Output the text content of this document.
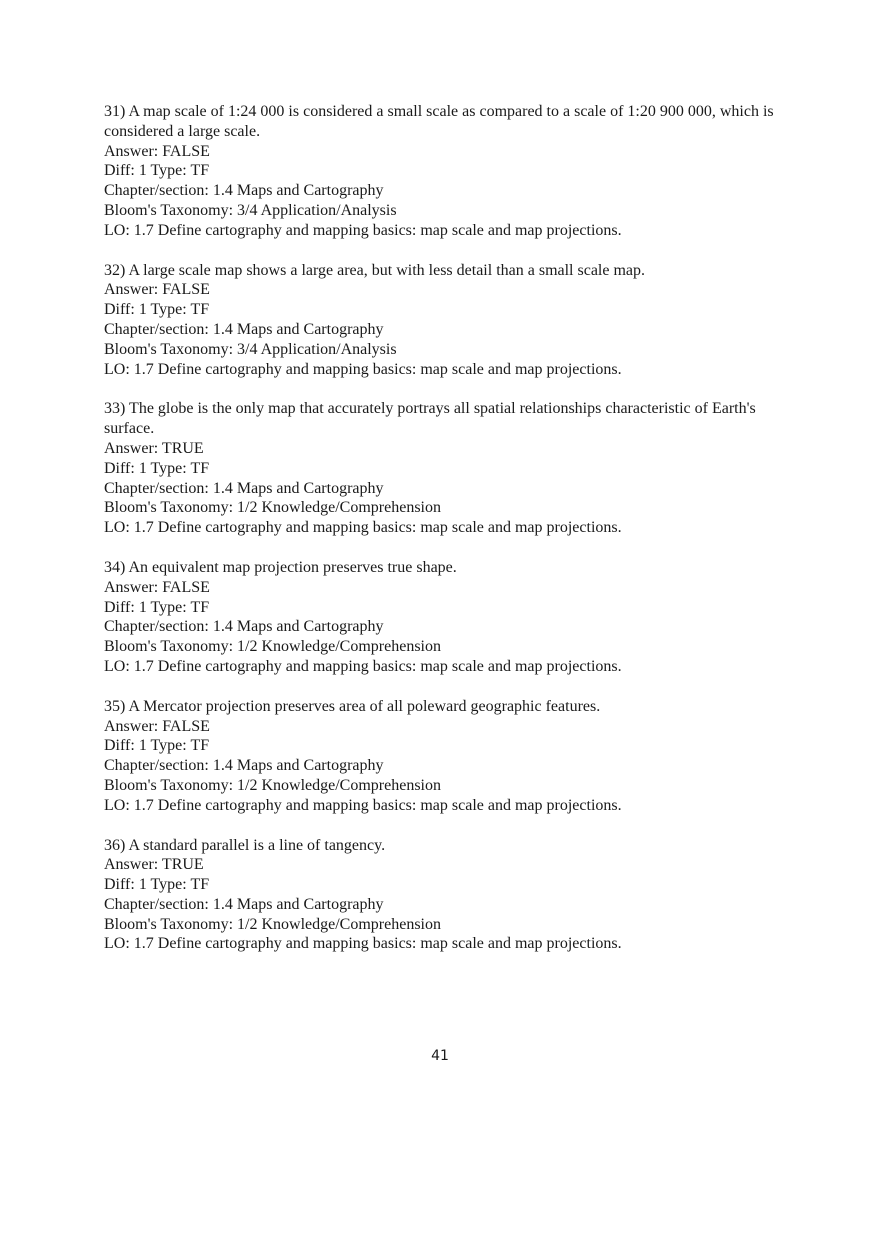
31) A map scale of 1:24 000 is considered a small scale as compared to a scale of 1:20 900 000, which is considered a large scale.

Answer: FALSE

Diff: 1 Type: TF

Chapter/section: 1.4 Maps and Cartography

Bloom's Taxonomy: 3/4 Application/Analysis

LO: 1.7 Define cartography and mapping basics: map scale and map projections.

32) A large scale map shows a large area, but with less detail than a small scale map.

Answer: FALSE

Diff: 1 Type: TF

Chapter/section: 1.4 Maps and Cartography

Bloom's Taxonomy: 3/4 Application/Analysis

LO: 1.7 Define cartography and mapping basics: map scale and map projections.

33) The globe is the only map that accurately portrays all spatial relationships characteristic of Earth's surface.

Answer: TRUE

Diff: 1 Type: TF

Chapter/section: 1.4 Maps and Cartography

Bloom's Taxonomy: 1/2 Knowledge/Comprehension

LO: 1.7 Define cartography and mapping basics: map scale and map projections.

34) An equivalent map projection preserves true shape.

Answer: FALSE

Diff: 1 Type: TF

Chapter/section: 1.4 Maps and Cartography

Bloom's Taxonomy: 1/2 Knowledge/Comprehension

LO: 1.7 Define cartography and mapping basics: map scale and map projections.

35) A Mercator projection preserves area of all poleward geographic features.

Answer: FALSE

Diff: 1 Type: TF

Chapter/section: 1.4 Maps and Cartography

Bloom's Taxonomy: 1/2 Knowledge/Comprehension

LO: 1.7 Define cartography and mapping basics: map scale and map projections.

36) A standard parallel is a line of tangency.

Answer: TRUE

Diff: 1 Type: TF

Chapter/section: 1.4 Maps and Cartography

Bloom's Taxonomy: 1/2 Knowledge/Comprehension

LO: 1.7 Define cartography and mapping basics: map scale and map projections.

41
